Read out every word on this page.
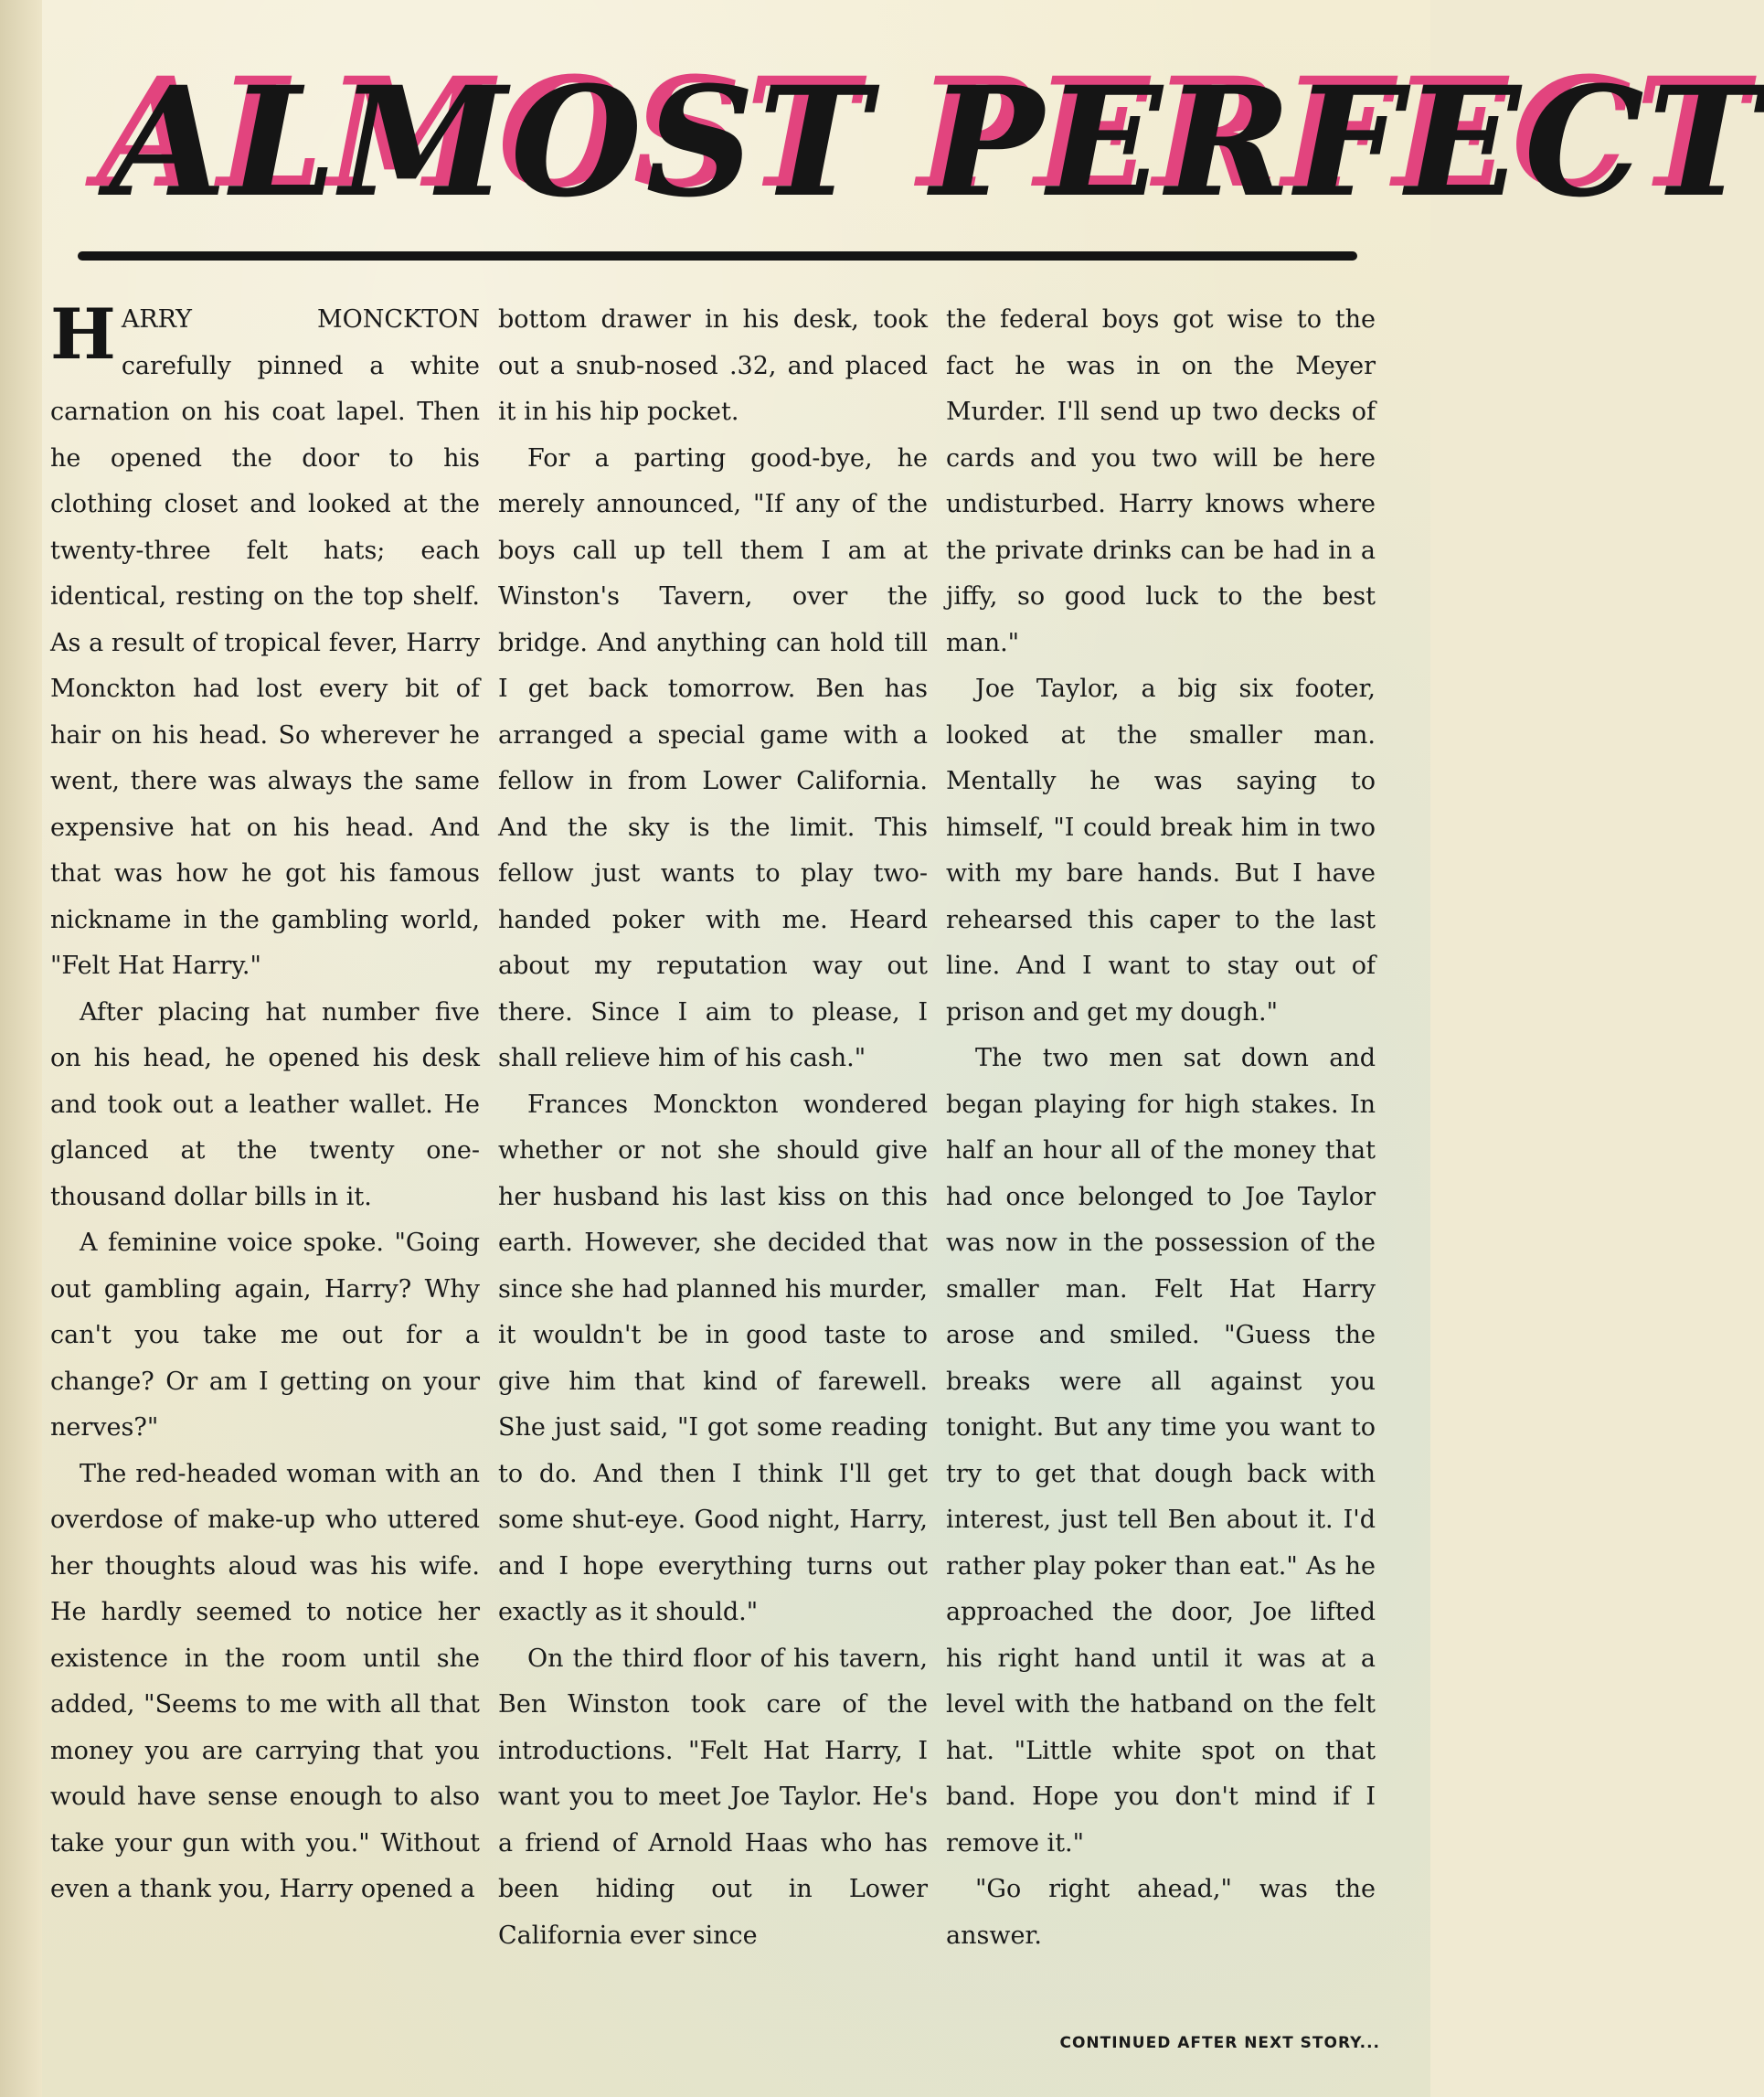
ALMOST PERFECT

HARRY MONCKTON carefully pinned a white carnation on his coat lapel. Then he opened the door to his clothing closet and looked at the twenty-three felt hats; each identical, resting on the top shelf. As a result of tropical fever, Harry Monckton had lost every bit of hair on his head. So wherever he went, there was always the same expensive hat on his head. And that was how he got his famous nickname in the gambling world, "Felt Hat Harry."

After placing hat number five on his head, he opened his desk and took out a leather wallet. He glanced at the twenty one-thousand dollar bills in it.

A feminine voice spoke. "Going out gambling again, Harry? Why can't you take me out for a change? Or am I getting on your nerves?"

The red-headed woman with an overdose of make-up who uttered her thoughts aloud was his wife. He hardly seemed to notice her existence in the room until she added, "Seems to me with all that money you are carrying that you would have sense enough to also take your gun with you." Without even a thank you, Harry opened a

bottom drawer in his desk, took out a snub-nosed .32, and placed it in his hip pocket.

For a parting good-bye, he merely announced, "If any of the boys call up tell them I am at Winston's Tavern, over the bridge. And anything can hold till I get back tomorrow. Ben has arranged a special game with a fellow in from Lower California. And the sky is the limit. This fellow just wants to play two-handed poker with me. Heard about my reputation way out there. Since I aim to please, I shall relieve him of his cash."

Frances Monckton wondered whether or not she should give her husband his last kiss on this earth. However, she decided that since she had planned his murder, it wouldn't be in good taste to give him that kind of farewell. She just said, "I got some reading to do. And then I think I'll get some shut-eye. Good night, Harry, and I hope everything turns out exactly as it should."

On the third floor of his tavern, Ben Winston took care of the introductions. "Felt Hat Harry, I want you to meet Joe Taylor. He's a friend of Arnold Haas who has been hiding out in Lower California ever since

the federal boys got wise to the fact he was in on the Meyer Murder. I'll send up two decks of cards and you two will be here undisturbed. Harry knows where the private drinks can be had in a jiffy, so good luck to the best man."

Joe Taylor, a big six footer, looked at the smaller man. Mentally he was saying to himself, "I could break him in two with my bare hands. But I have rehearsed this caper to the last line. And I want to stay out of prison and get my dough."

The two men sat down and began playing for high stakes. In half an hour all of the money that had once belonged to Joe Taylor was now in the possession of the smaller man. Felt Hat Harry arose and smiled. "Guess the breaks were all against you tonight. But any time you want to try to get that dough back with interest, just tell Ben about it. I'd rather play poker than eat." As he approached the door, Joe lifted his right hand until it was at a level with the hatband on the felt hat. "Little white spot on that band. Hope you don't mind if I remove it."

"Go right ahead," was the answer.

CONTINUED AFTER NEXT STORY...
